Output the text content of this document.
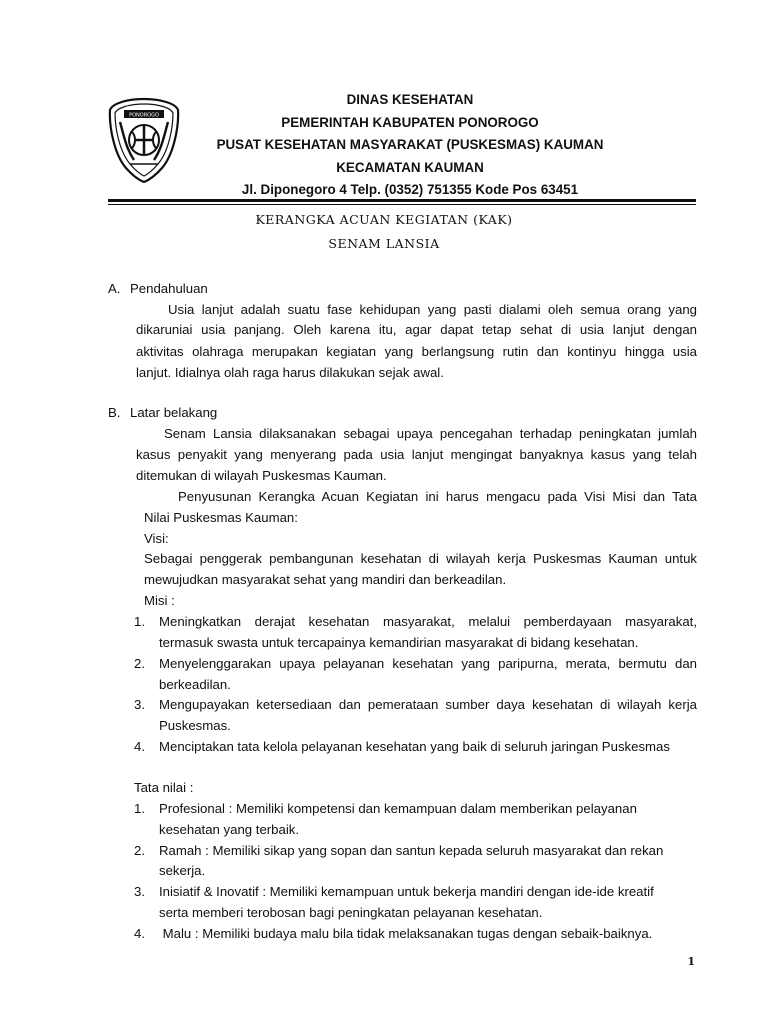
PONOROGO
DINAS KESEHATAN
PEMERINTAH KABUPATEN PONOROGO
PUSAT KESEHATAN MASYARAKAT (PUSKESMAS) KAUMAN
KECAMATAN KAUMAN
Jl. Diponegoro 4 Telp. (0352) 751355 Kode Pos 63451
KERANGKA ACUAN KEGIATAN (KAK)
SENAM LANSIA
A. Pendahuluan
Usia lanjut adalah suatu fase kehidupan yang pasti dialami oleh semua orang yang
dikaruniai usia panjang. Oleh karena itu, agar dapat tetap sehat di usia lanjut dengan
aktivitas olahraga merupakan kegiatan yang berlangsung rutin dan kontinyu hingga usia
lanjut. Idialnya olah raga harus dilakukan sejak awal.
B. Latar belakang
Senam Lansia dilaksanakan sebagai upaya pencegahan terhadap peningkatan jumlah
kasus penyakit yang menyerang pada usia lanjut mengingat banyaknya kasus yang telah
ditemukan di wilayah Puskesmas Kauman.
Penyusunan Kerangka Acuan Kegiatan ini harus mengacu pada Visi Misi dan Tata
Nilai Puskesmas Kauman:
Visi:
Sebagai penggerak pembangunan kesehatan di wilayah kerja Puskesmas Kauman untuk
mewujudkan masyarakat sehat yang mandiri dan berkeadilan.
Misi :
1. Meningkatkan derajat kesehatan masyarakat, melalui pemberdayaan masyarakat,
termasuk swasta untuk tercapainya kemandirian masyarakat di bidang kesehatan.
2. Menyelenggarakan upaya pelayanan kesehatan yang paripurna, merata, bermutu dan
berkeadilan.
3. Mengupayakan ketersediaan dan pemerataan sumber daya kesehatan di wilayah kerja
Puskesmas.
4. Menciptakan tata kelola pelayanan kesehatan yang baik di seluruh jaringan Puskesmas
Tata nilai :
1. Profesional : Memiliki kompetensi dan kemampuan dalam memberikan pelayanan
kesehatan yang terbaik.
2. Ramah : Memiliki sikap yang sopan dan santun kepada seluruh masyarakat dan rekan
sekerja.
3. Inisiatif & Inovatif : Memiliki kemampuan untuk bekerja mandiri dengan ide-ide kreatif
serta memberi terobosan bagi peningkatan pelayanan kesehatan.
4. Malu : Memiliki budaya malu bila tidak melaksanakan tugas dengan sebaik-baiknya.
1
